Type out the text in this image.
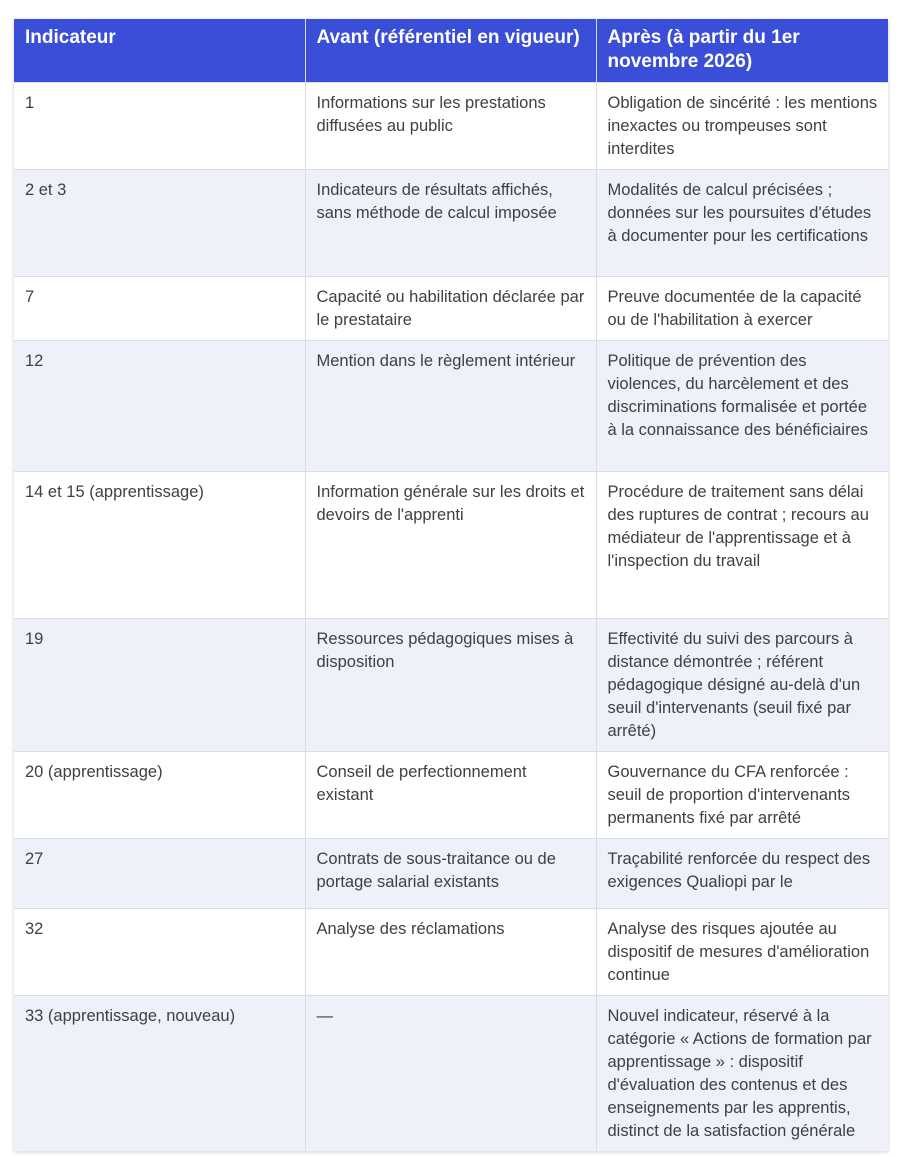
Indicateur	Avant (référentiel en vigueur)	Après (à partir du 1er novembre 2026)
1	Informations sur les prestations diffusées au public	Obligation de sincérité : les mentions inexactes ou trompeuses sont interdites
2 et 3	Indicateurs de résultats affichés, sans méthode de calcul imposée	Modalités de calcul précisées ; données sur les poursuites d'études à documenter pour les certifications
7	Capacité ou habilitation déclarée par le prestataire	Preuve documentée de la capacité ou de l'habilitation à exercer
12	Mention dans le règlement intérieur	Politique de prévention des violences, du harcèlement et des discriminations formalisée et portée à la connaissance des bénéficiaires
14 et 15 (apprentissage)	Information générale sur les droits et devoirs de l'apprenti	Procédure de traitement sans délai des ruptures de contrat ; recours au médiateur de l'apprentissage et à l'inspection du travail
19	Ressources pédagogiques mises à disposition	Effectivité du suivi des parcours à distance démontrée ; référent pédagogique désigné au-delà d'un seuil d'intervenants (seuil fixé par arrêté)
20 (apprentissage)	Conseil de perfectionnement existant	Gouvernance du CFA renforcée : seuil de proportion d'intervenants permanents fixé par arrêté
27	Contrats de sous-traitance ou de portage salarial existants	Traçabilité renforcée du respect des exigences Qualiopi par le
32	Analyse des réclamations	Analyse des risques ajoutée au dispositif de mesures d'amélioration continue
33 (apprentissage, nouveau)	—	Nouvel indicateur, réservé à la catégorie « Actions de formation par apprentissage » : dispositif d'évaluation des contenus et des enseignements par les apprentis, distinct de la satisfaction générale
